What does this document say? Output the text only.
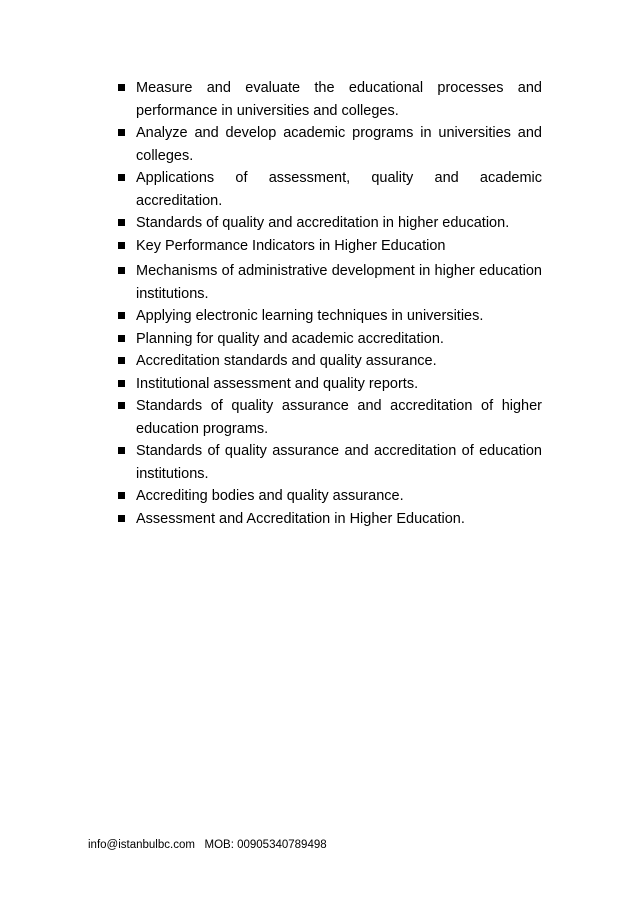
Measure and evaluate the educational processes and performance in universities and colleges.
Analyze and develop academic programs in universities and colleges.
Applications of assessment, quality and academic accreditation.
Standards of quality and accreditation in higher education.
Key Performance Indicators in Higher Education
Mechanisms of administrative development in higher education institutions.
Applying electronic learning techniques in universities.
Planning for quality and academic accreditation.
Accreditation standards and quality assurance.
Institutional assessment and quality reports.
Standards of quality assurance and accreditation of higher education programs.
Standards of quality assurance and accreditation of education institutions.
Accrediting bodies and quality assurance.
Assessment and Accreditation in Higher Education.
info@istanbulbc.com   MOB: 00905340789498
